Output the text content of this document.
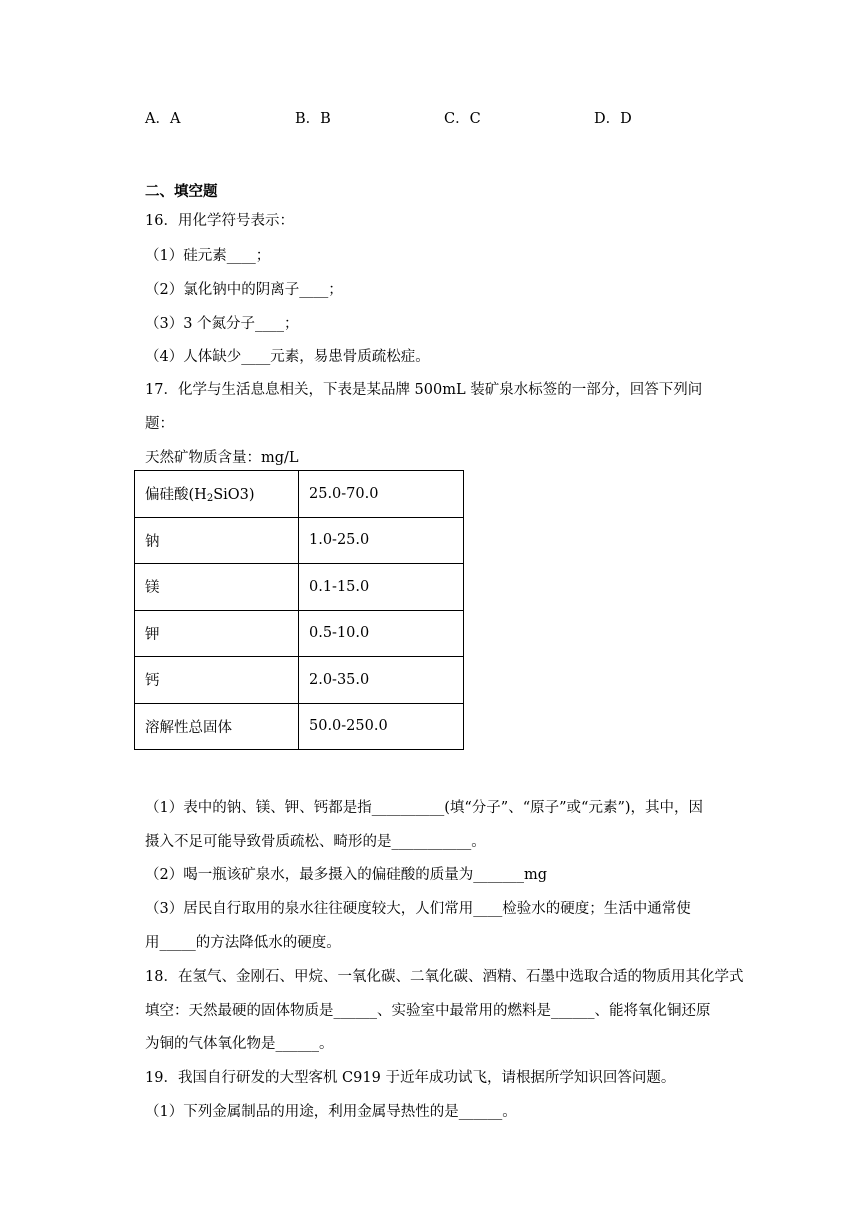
A．A	B．B	C．C	D．D
二、填空题
16．用化学符号表示：
（1）硅元素____；
（2）氯化钠中的阴离子____；
（3）3 个氮分子____；
（4）人体缺少____元素，易患骨质疏松症。
17．化学与生活息息相关，下表是某品牌 500mL 装矿泉水标签的一部分，回答下列问
题：
天然矿物质含量：mg/L
偏硅酸$(H_2SiO3)$	25.0-70.0
钠	1.0-25.0
镁	0.1-15.0
钾	0.5-10.0
钙	2.0-35.0
溶解性总固体	50.0-250.0
（1）表中的钠、镁、钾、钙都是指__________(填“分子”、“原子”或“元素”)，其中，因
摄入不足可能导致骨质疏松、畸形的是___________。
（2）喝一瓶该矿泉水，最多摄入的偏硅酸的质量为_______mg
（3）居民自行取用的泉水往往硬度较大，人们常用____检验水的硬度；生活中通常使
用_____的方法降低水的硬度。
18．在氢气、金刚石、甲烷、一氧化碳、二氧化碳、酒精、石墨中选取合适的物质用其化学式
填空：天然最硬的固体物质是______、实验室中最常用的燃料是______、能将氧化铜还原
为铜的气体氧化物是______。
19．我国自行研发的大型客机 C919 于近年成功试飞，请根据所学知识回答问题。
（1）下列金属制品的用途，利用金属导热性的是______。
